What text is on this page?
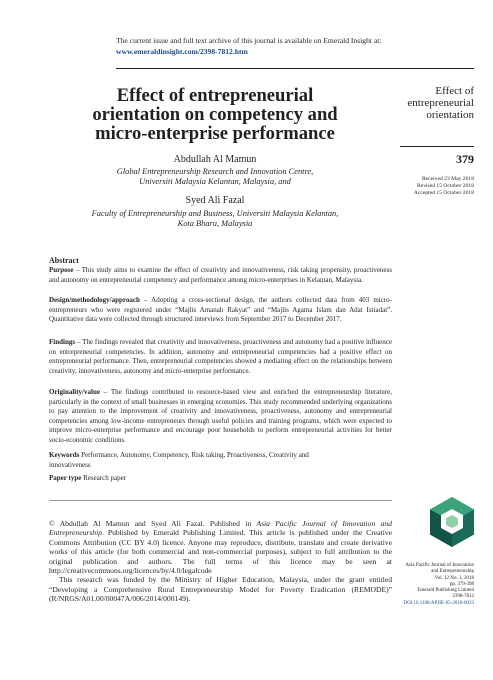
The current issue and full text archive of this journal is available on Emerald Insight at:
www.emeraldinsight.com/2398-7812.htm
Effect of entrepreneurial
orientation on competency and
micro-enterprise performance
Abdullah Al Mamun
Global Entrepreneurship Research and Innovation Centre,
Universiti Malaysia Kelantan, Malaysia, and
Syed Ali Fazal
Faculty of Entrepreneurship and Business, Universiti Malaysia Kelantan,
Kota Bharu, Malaysia
Effect of
entrepreneurial
orientation
379
Received 23 May 2018
Revised 15 October 2018
Accepted 15 October 2018
Abstract
Purpose – This study aims to examine the effect of creativity and innovativeness, risk taking propensity, proactiveness and autonomy on entrepreneurial competency and performance among micro-enterprises in Kelantan, Malaysia.
Design/methodology/approach – Adopting a cross-sectional design, the authors collected data from 403 micro-entrepreneurs who were registered under “Majlis Amanah Rakyat” and “Majlis Agama Islam dan Adat Istiadat”. Quantitative data were collected through structured interviews from September 2017 to December 2017.
Findings – The findings revealed that creativity and innovativeness, proactiveness and autonomy had a positive influence on entrepreneurial competencies. In addition, autonomy and entrepreneurial competencies had a positive effect on entrepreneurial performance. Then, entrepreneurial competencies showed a mediating effect on the relationships between creativity, innovativeness, autonomy and micro-enterprise performance.
Originality/value – The findings contributed to resource-based view and enriched the entrepreneurship literature, particularly in the context of small businesses in emerging economies. This study recommended underlying organizations to pay attention to the improvement of creativity and innovativeness, proactiveness, autonomy and entrepreneurial competencies among low-income entrepreneurs through useful policies and training programs, which were expected to improve micro-enterprise performance and encourage poor households to perform entrepreneurial activities for better socio-economic conditions.
Keywords Performance, Autonomy, Competency, Risk taking, Proactiveness, Creativity and innovativeness
Paper type Research paper

© Abdullah Al Mamun and Syed Ali Fazal. Published in Asia Pacific Journal of Innovation and Entrepreneurship. Published by Emerald Publishing Limited. This article is published under the Creative Commons Attribution (CC BY 4.0) licence. Anyone may reproduce, distribute, translate and create derivative works of this article (for both commercial and non-commercial purposes), subject to full attribution to the original publication and authors. The full terms of this licence may be seen at http://creativecommons.org/licences/by/4.0/legalcode

This research was funded by the Ministry of Higher Education, Malaysia, under the grant entitled “Developing a Comprehensive Rural Entrepreneurship Model for Poverty Eradication (REMODE)” (R/NRGS/A01.00/00047A/006/2014/000149).

Asia Pacific Journal of Innovation
and Entrepreneurship
Vol. 12 No. 3, 2018
pp. 379-398
Emerald Publishing Limited
2398-7812
DOI 10.1108/APJIE-05-2018-0033
